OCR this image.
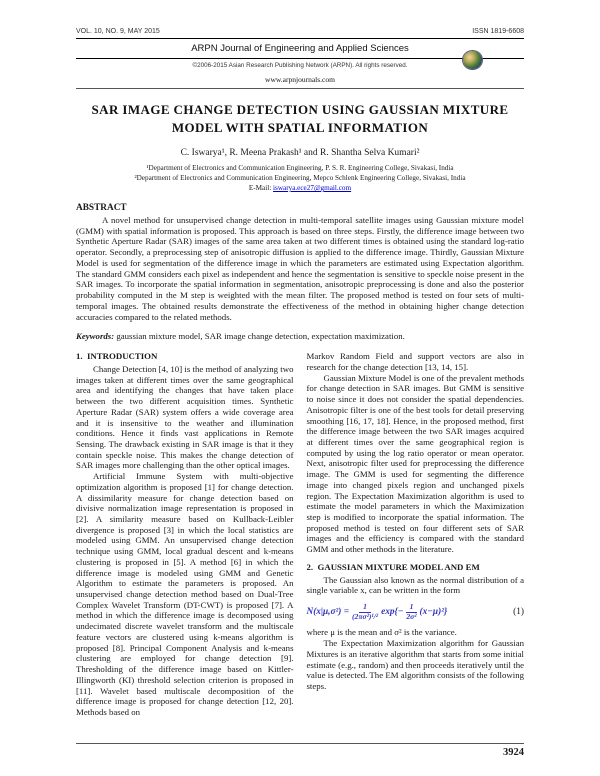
VOL. 10, NO. 9, MAY 2015	ISSN 1819-6608
ARPN Journal of Engineering and Applied Sciences
©2006-2015 Asian Research Publishing Network (ARPN). All rights reserved.
www.arpnjournals.com
SAR IMAGE CHANGE DETECTION USING GAUSSIAN MIXTURE MODEL WITH SPATIAL INFORMATION
C. Iswarya¹, R. Meena Prakash¹ and R. Shantha Selva Kumari²
¹Department of Electronics and Communication Engineering, P. S. R. Engineering College, Sivakasi, India
²Department of Electronics and Communication Engineering, Mepco Schlenk Engineering College, Sivakasi, India
E-Mail: iswarya.ece27@gmail.com
ABSTRACT

A novel method for unsupervised change detection in multi-temporal satellite images using Gaussian mixture model (GMM) with spatial information is proposed. This approach is based on three steps. Firstly, the difference image between two Synthetic Aperture Radar (SAR) images of the same area taken at two different times is obtained using the standard log-ratio operator. Secondly, a preprocessing step of anisotropic diffusion is applied to the difference image. Thirdly, Gaussian Mixture Model is used for segmentation of the difference image in which the parameters are estimated using Expectation algorithm. The standard GMM considers each pixel as independent and hence the segmentation is sensitive to speckle noise present in the SAR images. To incorporate the spatial information in segmentation, anisotropic preprocessing is done and also the posterior probability computed in the M step is weighted with the mean filter. The proposed method is tested on four sets of multi-temporal images. The obtained results demonstrate the effectiveness of the method in obtaining higher change detection accuracies compared to the related methods.

Keywords: gaussian mixture model, SAR image change detection, expectation maximization.

1.  INTRODUCTION

Change Detection [4, 10] is the method of analyzing two images taken at different times over the same geographical area and identifying the changes that have taken place between the two different acquisition times. Synthetic Aperture Radar (SAR) system offers a wide coverage area and it is insensitive to the weather and illumination conditions. Hence it finds vast applications in Remote Sensing. The drawback existing in SAR image is that it they contain speckle noise. This makes the change detection of SAR images more challenging than the other optical images.

Artificial Immune System with multi-objective optimization algorithm is proposed [1] for change detection. A dissimilarity measure for change detection based on divisive normalization image representation is proposed in [2]. A similarity measure based on Kullback-Leibler divergence is proposed [3] in which the local statistics are modeled using GMM. An unsupervised change detection technique using GMM, local gradual descent and k-means clustering is proposed in [5]. A method [6] in which the difference image is modeled using GMM and Genetic Algorithm to estimate the parameters is proposed. An unsupervised change detection method based on Dual-Tree Complex Wavelet Transform (DT-CWT) is proposed [7]. A method in which the difference image is decomposed using undecimated discrete wavelet transform and the multiscale feature vectors are clustered using k-means algorithm is proposed [8]. Principal Component Analysis and k-means clustering are employed for change detection [9]. Thresholding of the difference image based on Kittler-Illingworth (KI) threshold selection criterion is proposed in [11]. Wavelet based multiscale decomposition of the difference image is proposed for change detection [12, 20]. Methods based on

Markov Random Field and support vectors are also in research for the change detection [13, 14, 15].

Gaussian Mixture Model is one of the prevalent methods for change detection in SAR images. But GMM is sensitive to noise since it does not consider the spatial dependencies. Anisotropic filter is one of the best tools for detail preserving smoothing [16, 17, 18]. Hence, in the proposed method, first the difference image between the two SAR images acquired at different times over the same geographical region is computed by using the log ratio operator or mean operator. Next, anisotropic filter used for preprocessing the difference image. The GMM is used for segmenting the difference image into changed pixels region and unchanged pixels region. The Expectation Maximization algorithm is used to estimate the model parameters in which the Maximization step is modified to incorporate the spatial information. The proposed method is tested on four different sets of SAR images and the efficiency is compared with the standard GMM and other methods in the literature.

2.  GAUSSIAN MIXTURE MODEL AND EM

The Gaussian also known as the normal distribution of a single variable x, can be written in the form

$N(x|\mu,\sigma^2) = \frac{1}{\text{(2πσ²)¹/²}} \exp\{- \frac{1}{\text{2σ²}} (x-\mu)^2\}$	(1)

where μ is the mean and σ² is the variance.

The Expectation Maximization algorithm for Gaussian Mixtures is an iterative algorithm that starts from some initial estimate (e.g., random) and then proceeds iteratively until the value is detected. The EM algorithm consists of the following steps.

3924
